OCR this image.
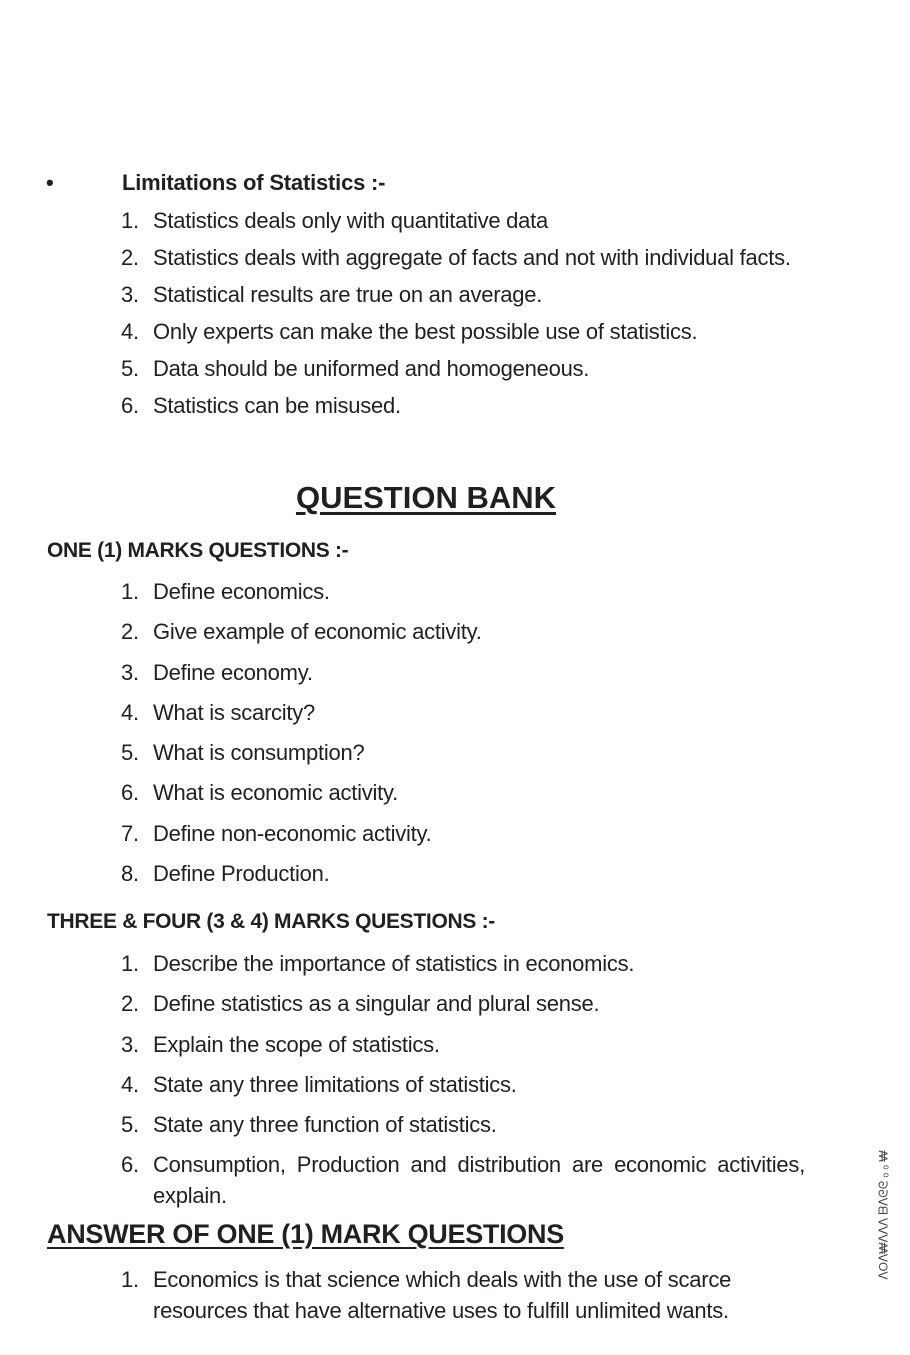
•	Limitations of Statistics :-
1. Statistics deals only with quantitative data
2. Statistics deals with aggregate of facts and not with individual facts.
3. Statistical results are true on an average.
4. Only experts can make the best possible use of statistics.
5. Data should be uniformed and homogeneous.
6. Statistics can be misused.
QUESTION BANK
ONE (1) MARKS QUESTIONS :-
1. Define economics.
2. Give example of economic activity.
3. Define economy.
4. What is scarcity?
5. What is consumption?
6. What is economic activity.
7. Define non-economic activity.
8. Define Production.
THREE & FOUR (3 & 4) MARKS QUESTIONS :-
1. Describe the importance of statistics in economics.
2. Define statistics as a singular and plural sense.
3. Explain the scope of statistics.
4. State any three limitations of statistics.
5. State any three function of statistics.
6. Consumption, Production and distribution are economic activities, explain.
ANSWER OF ONE (1) MARK QUESTIONS
1. Economics is that science which deals with the use of scarce resources that have alternative uses to fulfill unlimited wants.
ᐱOᐱ₩ᐱᐱᐱ ᗷᐱᘓᘓ ₒ ₒ ₩
